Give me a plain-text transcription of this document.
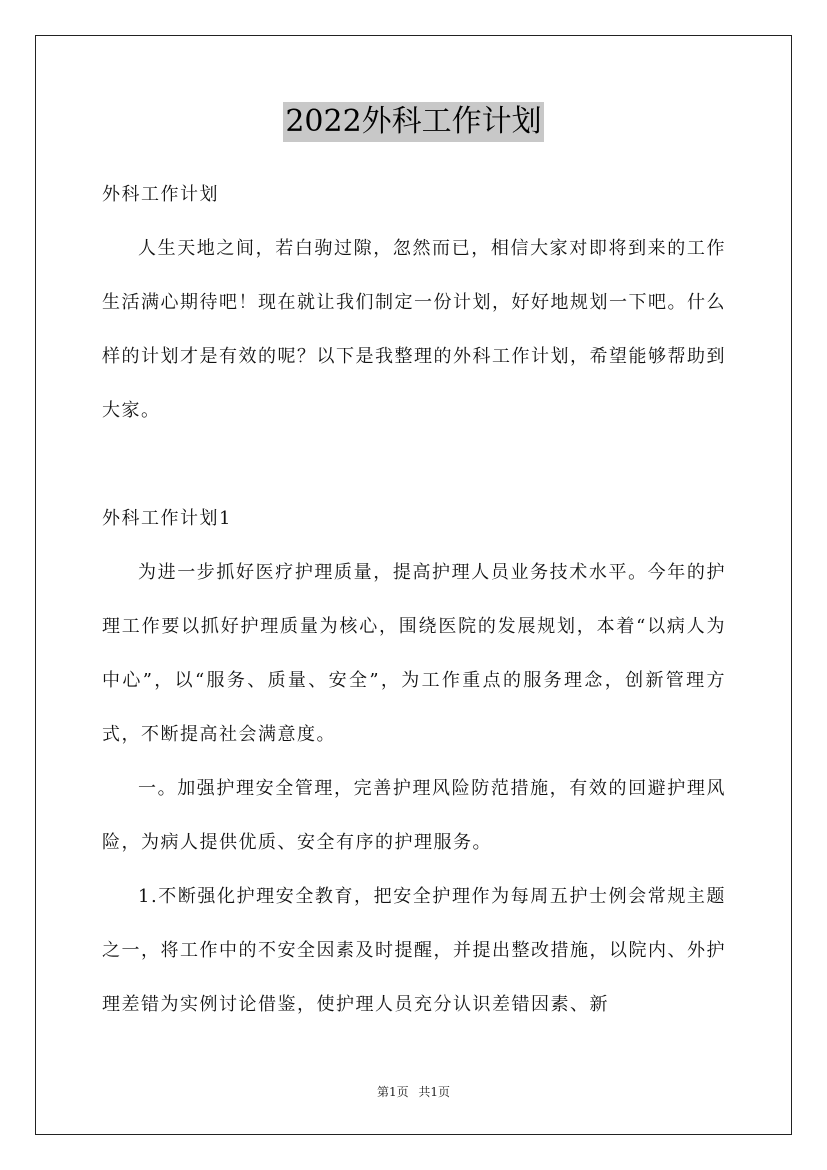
2022外科工作计划

外科工作计划

人生天地之间，若白驹过隙，忽然而已，相信大家对即将到来的工作生活满心期待吧！现在就让我们制定一份计划，好好地规划一下吧。什么样的计划才是有效的呢？以下是我整理的外科工作计划，希望能够帮助到大家。

外科工作计划1

为进一步抓好医疗护理质量，提高护理人员业务技术水平。今年的护理工作要以抓好护理质量为核心，围绕医院的发展规划，本着“以病人为中心”，以“服务、质量、安全”，为工作重点的服务理念，创新管理方式，不断提高社会满意度。

一。加强护理安全管理，完善护理风险防范措施，有效的回避护理风险，为病人提供优质、安全有序的护理服务。

1.不断强化护理安全教育，把安全护理作为每周五护士例会常规主题之一，将工作中的不安全因素及时提醒，并提出整改措施，以院内、外护理差错为实例讨论借鉴，使护理人员充分认识差错因素、新

第1页 共1页
